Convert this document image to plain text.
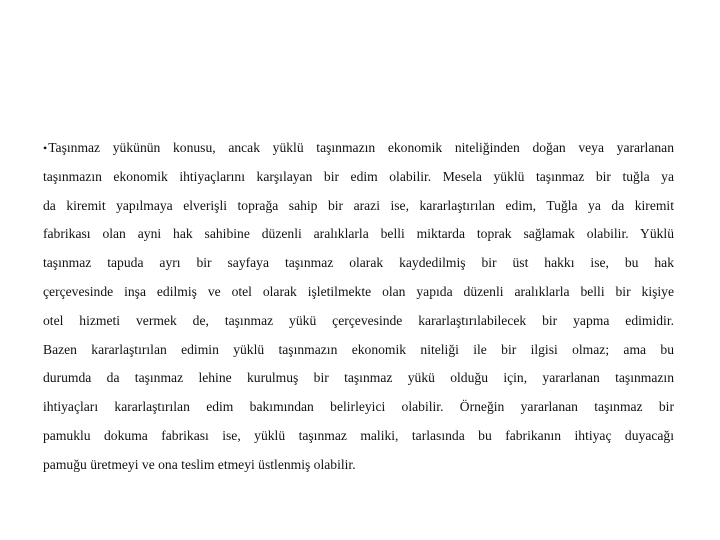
•Taşınmaz yükünün konusu, ancak yüklü taşınmazın ekonomik niteliğinden doğan veya yararlanan
taşınmazın ekonomik ihtiyaçlarını karşılayan bir edim olabilir. Mesela yüklü taşınmaz bir tuğla ya
da kiremit yapılmaya elverişli toprağa sahip bir arazi ise, kararlaştırılan edim, Tuğla ya da kiremit
fabrikası olan ayni hak sahibine düzenli aralıklarla belli miktarda toprak sağlamak olabilir. Yüklü
taşınmaz tapuda ayrı bir sayfaya taşınmaz olarak kaydedilmiş bir üst hakkı ise, bu hak
çerçevesinde inşa edilmiş ve otel olarak işletilmekte olan yapıda düzenli aralıklarla belli bir kişiye
otel hizmeti vermek de, taşınmaz yükü çerçevesinde kararlaştırılabilecek bir yapma edimidir.
Bazen kararlaştırılan edimin yüklü taşınmazın ekonomik niteliği ile bir ilgisi olmaz; ama bu
durumda da taşınmaz lehine kurulmuş bir taşınmaz yükü olduğu için, yararlanan taşınmazın
ihtiyaçları kararlaştırılan edim bakımından belirleyici olabilir. Örneğin yararlanan taşınmaz bir
pamuklu dokuma fabrikası ise, yüklü taşınmaz maliki, tarlasında bu fabrikanın ihtiyaç duyacağı
pamuğu üretmeyi ve ona teslim etmeyi üstlenmiş olabilir.
